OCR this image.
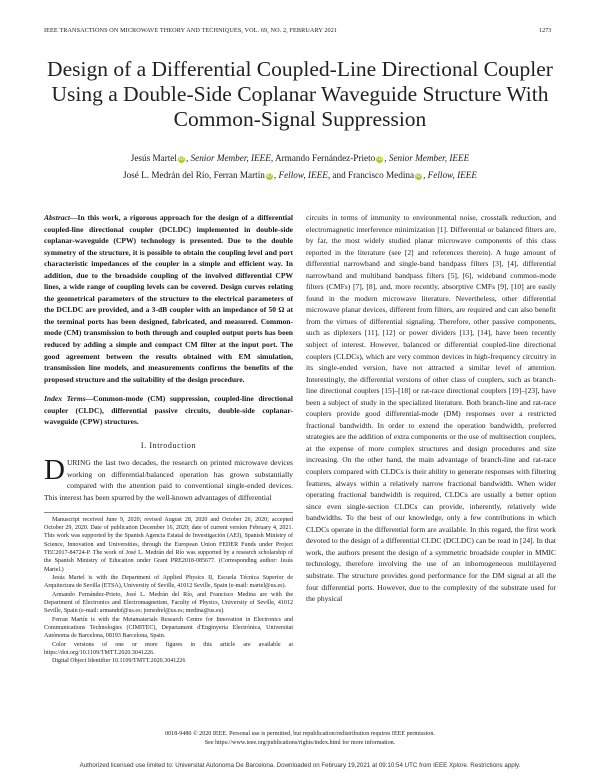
IEEE TRANSACTIONS ON MICROWAVE THEORY AND TECHNIQUES, VOL. 69, NO. 2, FEBRUARY 2021	1273
Design of a Differential Coupled-Line Directional Coupler Using a Double-Side Coplanar Waveguide Structure With Common-Signal Suppression
Jesús Martel iD , Senior Member, IEEE, Armando Fernández-Prieto iD , Senior Member, IEEE
José L. Medrán del Río, Ferran Martín iD , Fellow, IEEE, and Francisco Medina iD , Fellow, IEEE
Abstract—In this work, a rigorous approach for the design of a differential coupled-line directional coupler (DCLDC) implemented in double-side coplanar-waveguide (CPW) technology is presented. Due to the double symmetry of the structure, it is possible to obtain the coupling level and port characteristic impedances of the coupler in a simple and efficient way. In addition, due to the broadside coupling of the involved differential CPW lines, a wide range of coupling levels can be covered. Design curves relating the geometrical parameters of the structure to the electrical parameters of the DCLDC are provided, and a 3-dB coupler with an impedance of 50 Ω at the terminal ports has been designed, fabricated, and measured. Common-mode (CM) transmission to both through and coupled output ports has been reduced by adding a simple and compact CM filter at the input port. The good agreement between the results obtained with EM simulation, transmission line models, and measurements confirms the benefits of the proposed structure and the suitability of the design procedure.
Index Terms—Common-mode (CM) suppression, coupled-line directional coupler (CLDC), differential passive circuits, double-side coplanar-waveguide (CPW) structures.
I. Introduction
DURING the last two decades, the research on printed microwave devices working on differential/balanced operation has grown substantially compared with the attention paid to conventional single-ended devices. This interest has been spurred by the well-known advantages of differential

Manuscript received June 9, 2020; revised August 28, 2020 and October 26, 2020; accepted October 29, 2020. Date of publication December 16, 2020; date of current version February 4, 2021. This work was supported by the Spanish Agencia Estatal de Investigación (AEI), Spanish Ministry of Science, Innovation and Universities, through the European Union FEDER Funds under Project TEC2017-84724-P. The work of José L. Medrán del Río was supported by a research scholarship of the Spanish Ministry of Education under Grant PRE2018-085677. (Corresponding author: Jesús Martel.)

Jesús Martel is with the Department of Applied Physics II, Escuela Técnica Superior de Arquitectura de Sevilla (ETSA), University of Seville, 41012 Seville, Spain (e-mail: martel@us.es).

Armando Fernández-Prieto, José L. Medrán del Río, and Francisco Medina are with the Department of Electronics and Electromagnetism, Faculty of Physics, University of Seville, 41012 Seville, Spain (e-mail: armandof@us.es; jomedrel@us.es; medina@us.es).

Ferran Martín is with the Metamaterials Research Centre for Innovation in Electronics and Communications Technologies (CIMITEC), Departament d'Enginyeria Electrònica, Universitat Autònoma de Barcelona, 08193 Barcelona, Spain.

Color versions of one or more figures in this article are available at https://doi.org/10.1109/TMTT.2020.3041226.

Digital Object Identifier 10.1109/TMTT.2020.3041226

circuits in terms of immunity to environmental noise, crosstalk reduction, and electromagnetic interference minimization [1]. Differential or balanced filters are, by far, the most widely studied planar microwave components of this class reported in the literature (see [2] and references therein). A huge amount of differential narrowband and single-band bandpass filters [3], [4], differential narrowband and multiband bandpass filters [5], [6], wideband common-mode filters (CMFs) [7], [8], and, more recently, absorptive CMFs [9], [10] are easily found in the modern microwave literature. Nevertheless, other differential microwave planar devices, different from filters, are required and can also benefit from the virtues of differential signaling. Therefore, other passive components, such as diplexers [11], [12] or power dividers [13], [14], have been recently subject of interest. However, balanced or differential coupled-line directional couplers (CLDCs), which are very common devices in high-frequency circuitry in its single-ended version, have not attracted a similar level of attention. Interestingly, the differential versions of other class of couplers, such as branch-line directional couplers [15]–[18] or rat-race directional couplers [19]–[23], have been a subject of study in the specialized literature. Both branch-line and rat-race couplers provide good differential-mode (DM) responses over a restricted fractional bandwidth. In order to extend the operation bandwidth, preferred strategies are the addition of extra components or the use of multisection couplers, at the expense of more complex structures and design procedures and size increasing. On the other hand, the main advantage of branch-line and rat-race couplers compared with CLDCs is their ability to generate responses with filtering features, always within a relatively narrow fractional bandwidth. When wider operating fractional bandwidth is required, CLDCs are usually a better option since even single-section CLDCs can provide, inherently, relatively wide bandwidths. To the best of our knowledge, only a few contributions in which CLDCs operate in the differential form are available. In this regard, the first work devoted to the design of a differential CLDC (DCLDC) can be read in [24]. In that work, the authors present the design of a symmetric broadside coupler in MMIC technology, therefore involving the use of an inhomogeneous multilayered substrate. The structure provides good performance for the DM signal at all the four differential ports. However, due to the complexity of the substrate used for the physical

0018-9480 © 2020 IEEE. Personal use is permitted, but republication/redistribution requires IEEE permission.
See https://www.ieee.org/publications/rights/index.html for more information.
Authorized licensed use limited to: Universitat Autonoma De Barcelona. Downloaded on February 19,2021 at 09:10:54 UTC from IEEE Xplore. Restrictions apply.
